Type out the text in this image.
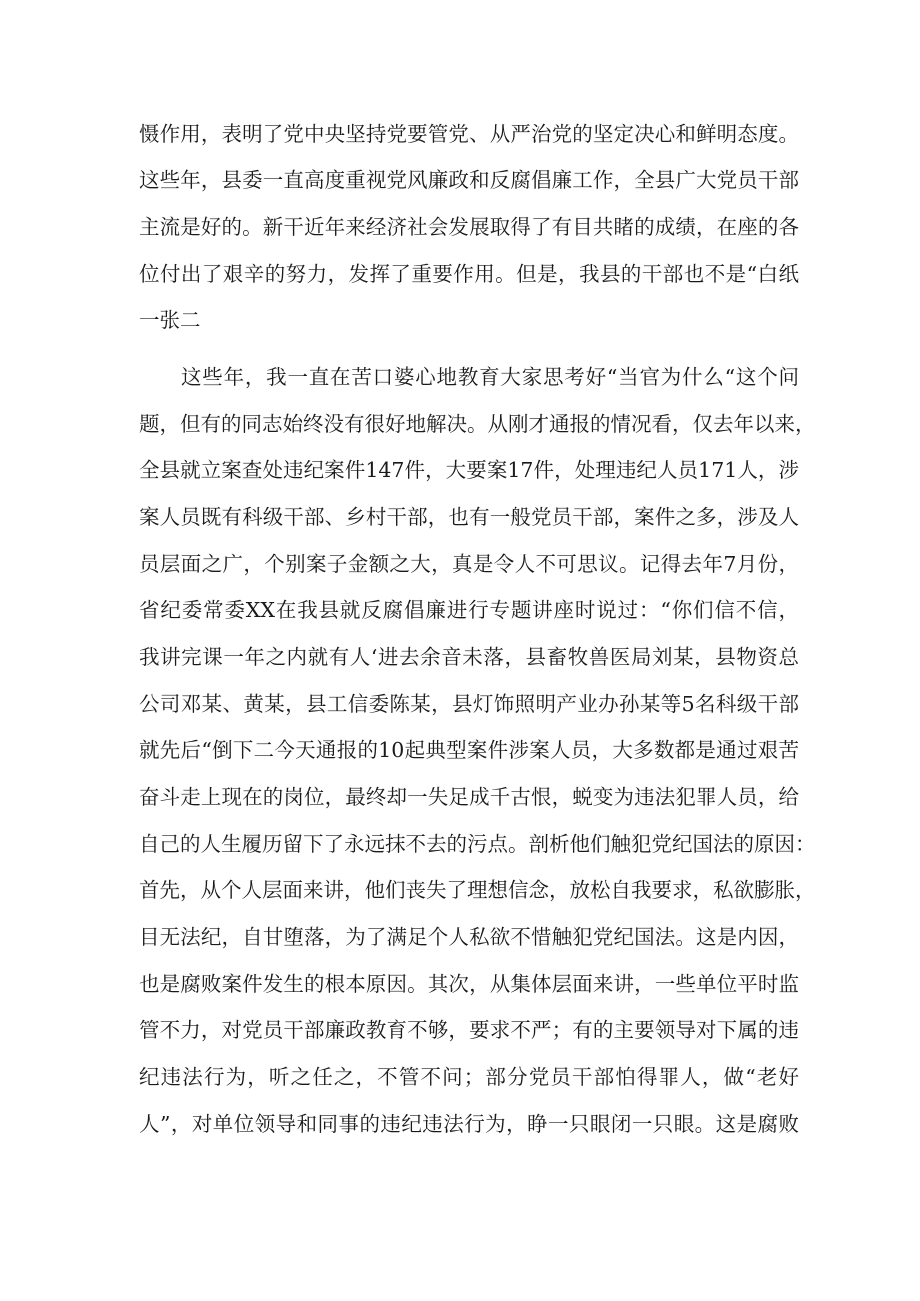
慑作用，表明了党中央坚持党要管党、从严治党的坚定决心和鲜明态度。
这些年，县委一直高度重视党风廉政和反腐倡廉工作，全县广大党员干部
主流是好的。新干近年来经济社会发展取得了有目共睹的成绩，在座的各
位付出了艰辛的努力，发挥了重要作用。但是，我县的干部也不是“白纸
一张二
这些年，我一直在苦口婆心地教育大家思考好“当官为什么“这个问
题，但有的同志始终没有很好地解决。从刚才通报的情况看，仅去年以来，
全县就立案查处违纪案件147件，大要案17件，处理违纪人员171人，涉
案人员既有科级干部、乡村干部，也有一般党员干部，案件之多，涉及人
员层面之广，个别案子金额之大，真是令人不可思议。记得去年7月份，
省纪委常委XX在我县就反腐倡廉进行专题讲座时说过：“你们信不信，
我讲完课一年之内就有人‘进去余音未落，县畜牧兽医局刘某，县物资总
公司邓某、黄某，县工信委陈某，县灯饰照明产业办孙某等5名科级干部
就先后“倒下二今天通报的10起典型案件涉案人员，大多数都是通过艰苦
奋斗走上现在的岗位，最终却一失足成千古恨，蜕变为违法犯罪人员，给
自己的人生履历留下了永远抹不去的污点。剖析他们触犯党纪国法的原因：
首先，从个人层面来讲，他们丧失了理想信念，放松自我要求，私欲膨胀，
目无法纪，自甘堕落，为了满足个人私欲不惜触犯党纪国法。这是内因，
也是腐败案件发生的根本原因。其次，从集体层面来讲，一些单位平时监
管不力，对党员干部廉政教育不够，要求不严；有的主要领导对下属的违
纪违法行为，听之任之，不管不问；部分党员干部怕得罪人，做“老好
人”，对单位领导和同事的违纪违法行为，睁一只眼闭一只眼。这是腐败
